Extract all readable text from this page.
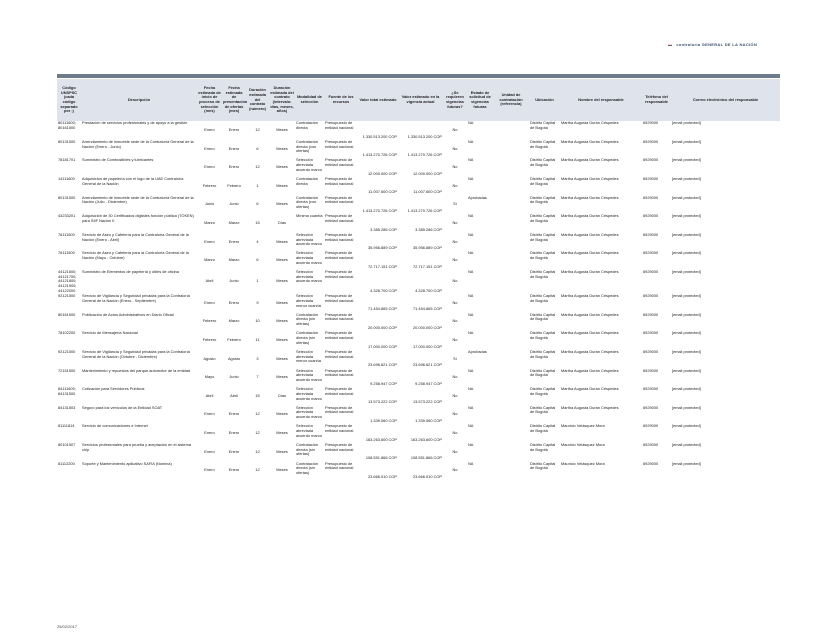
▬ contraloría GENERAL DE LA NACIÓN
Código UNSPSC (cada código separado por ;)	Descripción	Fecha estimada de inicio de proceso de selección (mes)	Fecha estimada de presentación de ofertas (mes)	Duración estimada del contrato (número)	Duración estimada del contrato (intervalo: días, meses, años)	Modalidad de selección	Fuente de los recursos	Valor total estimado	Valor estimado en la vigencia actual	¿Se requieren vigencias futuras?	Estado de solicitud de vigencias futuras	Unidad de contratación (referencia)	Ubicación	Nombre del responsable	Teléfono del responsable	Correo electrónico del responsable
80111600; 80161500	Prestación de servicios profesionales y de apoyo a la gestión	Enero	Enero	12	Meses	Contratación directa	Presupuesto de entidad nacional	1.330.513.200 COP	1.330.513.200 COP	No	NA		Distrito Capital de Bogotá	Martha Augusta Durán Céspedes	6929000	[email protected]
80131500	Arrendamiento de inmueble sede de la Contraloría General de la Nación (Enero - Junio)	Enero	Enero	6	Meses	Contratación directa (con ofertas)	Presupuesto de entidad nacional	1.413.270.726 COP	1.413.270.726 COP	No	NA		Distrito Capital de Bogotá	Martha Augusta Durán Céspedes	6929000	[email protected]
78181701	Suministro de Combustibles y lubricantes	Enero	Enero	12	Meses	Selección abreviada acuerdo marco	Presupuesto de entidad nacional	12.000.000 COP	12.000.000 COP	No	NA		Distrito Capital de Bogotá	Martha Augusta Durán Céspedes	6929000	[email protected]
14111600	Adquisición de papelería con el logo de la UAE Contraloría General de la Nación	Febrero	Febrero	1	Meses	Contratación directa	Presupuesto de entidad nacional	11.007.600 COP	11.007.600 COP	No	NA		Distrito Capital de Bogotá	Martha Augusta Durán Céspedes	6929000	[email protected]
80131500	Arrendamiento de inmueble sede de la Contraloría General de la Nación (Julio - Diciembre)	Junio	Junio	6	Meses	Contratación directa (con ofertas)	Presupuesto de entidad nacional	1.413.270.726 COP	1.413.270.726 COP	Sí	Aprobadas		Distrito Capital de Bogotá	Martha Augusta Durán Céspedes	6929000	[email protected]
43233201	Adquisición de 30 Certificados digitales función pública (TOKEN) para SIIF Nación II	Marzo	Marzo	15	Días	Mínima cuantía	Presupuesto de entidad nacional	3.385.286 COP	3.385.286 COP	No	NA		Distrito Capital de Bogotá	Martha Augusta Durán Céspedes	6929000	[email protected]
76111500	Servicio de Aseo y Cafetería para la Contraloría General de la Nación (Enero - Abril)	Enero	Enero	4	Meses	Selección abreviada acuerdo marco	Presupuesto de entidad nacional	35.956.889 COP	35.956.889 COP	No	NA		Distrito Capital de Bogotá	Martha Augusta Durán Céspedes	6929000	[email protected]
76111500	Servicio de Aseo y Cafetería para la Contraloría General de la Nación (Mayo - Octubre)	Marzo	Marzo	6	Meses	Selección abreviada acuerdo marco	Presupuesto de entidad nacional	72.717.151 COP	72.717.151 COP	No	NA		Distrito Capital de Bogotá	Martha Augusta Durán Céspedes	6929000	[email protected]
44121600; 44121700; 44121800; 44121900; 44122000	Suministro de Elementos de papelería y útiles de oficina	Abril	Junio	1	Meses	Selección abreviada acuerdo marco	Presupuesto de entidad nacional	4.328.700 COP	4.328.700 COP	No	NA		Distrito Capital de Bogotá	Martha Augusta Durán Céspedes	6929000	[email protected]
92121500	Servicio de Vigilancia y Seguridad privadas para la Contraloría General de la Nación (Enero - Septiembre)	Enero	Enero	9	Meses	Selección abreviada menor cuantía	Presupuesto de entidad nacional	71.454.865 COP	71.454.865 COP	No	NA		Distrito Capital de Bogotá	Martha Augusta Durán Céspedes	6929000	[email protected]
80161500	Publicación de Actos Administrativos en Diario Oficial	Febrero	Marzo	10	Meses	Contratación directa (sin ofertas)	Presupuesto de entidad nacional	20.000.000 COP	20.000.000 COP	No	NA		Distrito Capital de Bogotá	Martha Augusta Durán Céspedes	6929000	[email protected]
78102200	Servicio de Mensajería Nacional	Febrero	Febrero	11	Meses	Contratación directa (sin ofertas)	Presupuesto de entidad nacional	17.000.000 COP	17.000.000 COP	No	NA		Distrito Capital de Bogotá	Martha Augusta Durán Céspedes	6929000	[email protected]
92121500	Servicio de Vigilancia y Seguridad privadas para la Contraloría General de la Nación (Octubre - Diciembre)	Agosto	Agosto	3	Meses	Selección abreviada menor cuantía	Presupuesto de entidad nacional	23.696.621 COP	23.696.621 COP	Sí	Aprobadas		Distrito Capital de Bogotá	Martha Augusta Durán Céspedes	6929000	[email protected]
72151500	Mantenimiento y repuestos del parque automotor de la entidad	Mayo	Junio	7	Meses	Selección abreviada acuerdo marco	Presupuesto de entidad nacional	9.258.947 COP	9.258.947 COP	No	NA		Distrito Capital de Bogotá	Martha Augusta Durán Céspedes	6929000	[email protected]
84111600; 84131500	Cotización para Servidores Públicos	Abril	Abril	15	Días	Selección abreviada acuerdo marco	Presupuesto de entidad nacional	13.573.222 COP	13.573.222 COP	No	NA		Distrito Capital de Bogotá	Martha Augusta Durán Céspedes	6929000	[email protected]
84131503	Seguro para los vehículos de la Entidad SOAT	Enero	Enero	12	Meses	Selección abreviada acuerdo marco	Presupuesto de entidad nacional	1.339.060 COP	1.339.060 COP	No	NA		Distrito Capital de Bogotá	Martha Augusta Durán Céspedes	6929000	[email protected]
81111814	Servicio de comunicaciones e Internet	Enero	Enero	12	Meses	Selección abreviada acuerdo marco	Presupuesto de entidad nacional	163.263.600 COP	163.263.600 COP	No	NA		Distrito Capital de Bogotá	Mauricio Velásquez Mora	6929000	[email protected]
80101507	Servicios profesionales para prueba y aceptación en el sistema chip	Enero	Enero	12	Meses	Contratación directa (sin ofertas)	Presupuesto de entidad nacional	108.551.866 COP	108.551.866 COP	No	NA		Distrito Capital de Bogotá	Mauricio Velásquez Mora	6929000	[email protected]
81112200	Soporte y Mantenimiento aplicativo SAFIA (Nómina)	Enero	Enero	12	Meses	Contratación directa (sin ofertas)	Presupuesto de entidad nacional	23.666.010 COP	23.666.010 COP	No	NA		Distrito Capital de Bogotá	Mauricio Velásquez Mora	6929000	[email protected]
25/02/2017
